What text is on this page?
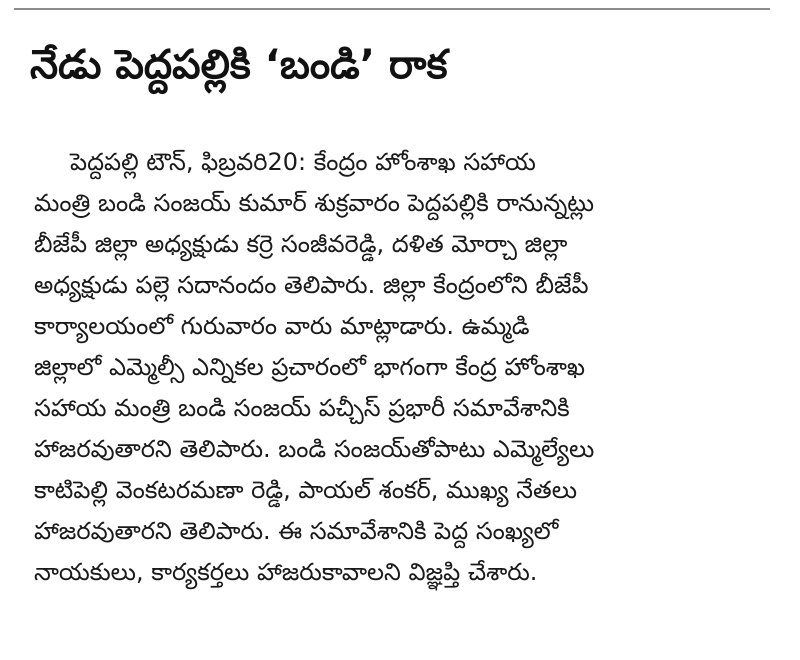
నేడు పెద్దపల్లికి ‘బండి’ రాక
పెద్దపల్లి టౌన్, ఫిబ్రవరి20: కేంద్రం హోంశాఖ సహాయ
మంత్రి బండి సంజయ్ కుమార్ శుక్రవారం పెద్దపల్లికి రానున్నట్లు
బీజేపీ జిల్లా అధ్యక్షుడు కర్రె సంజీవరెడ్డి, దళిత మోర్చా జిల్లా
అధ్యక్షుడు పల్లె సదానందం తెలిపారు. జిల్లా కేంద్రంలోని బీజేపీ
కార్యాలయంలో గురువారం వారు మాట్లాడారు. ఉమ్మడి
జిల్లాలో ఎమ్మెల్సీ ఎన్నికల ప్రచారంలో భాగంగా కేంద్ర హోంశాఖ
సహాయ మంత్రి బండి సంజయ్ పచ్చీస్ ప్రభారీ సమావేశానికి
హాజరవుతారని తెలిపారు. బండి సంజయ్‌తోపాటు ఎమ్మెల్యేలు
కాటిపెల్లి వెంకటరమణా రెడ్డి, పాయల్ శంకర్, ముఖ్య నేతలు
హాజరవుతారని తెలిపారు. ఈ సమావేశానికి పెద్ద సంఖ్యలో
నాయకులు, కార్యకర్తలు హాజరుకావాలని విజ్ఞప్తి చేశారు.
